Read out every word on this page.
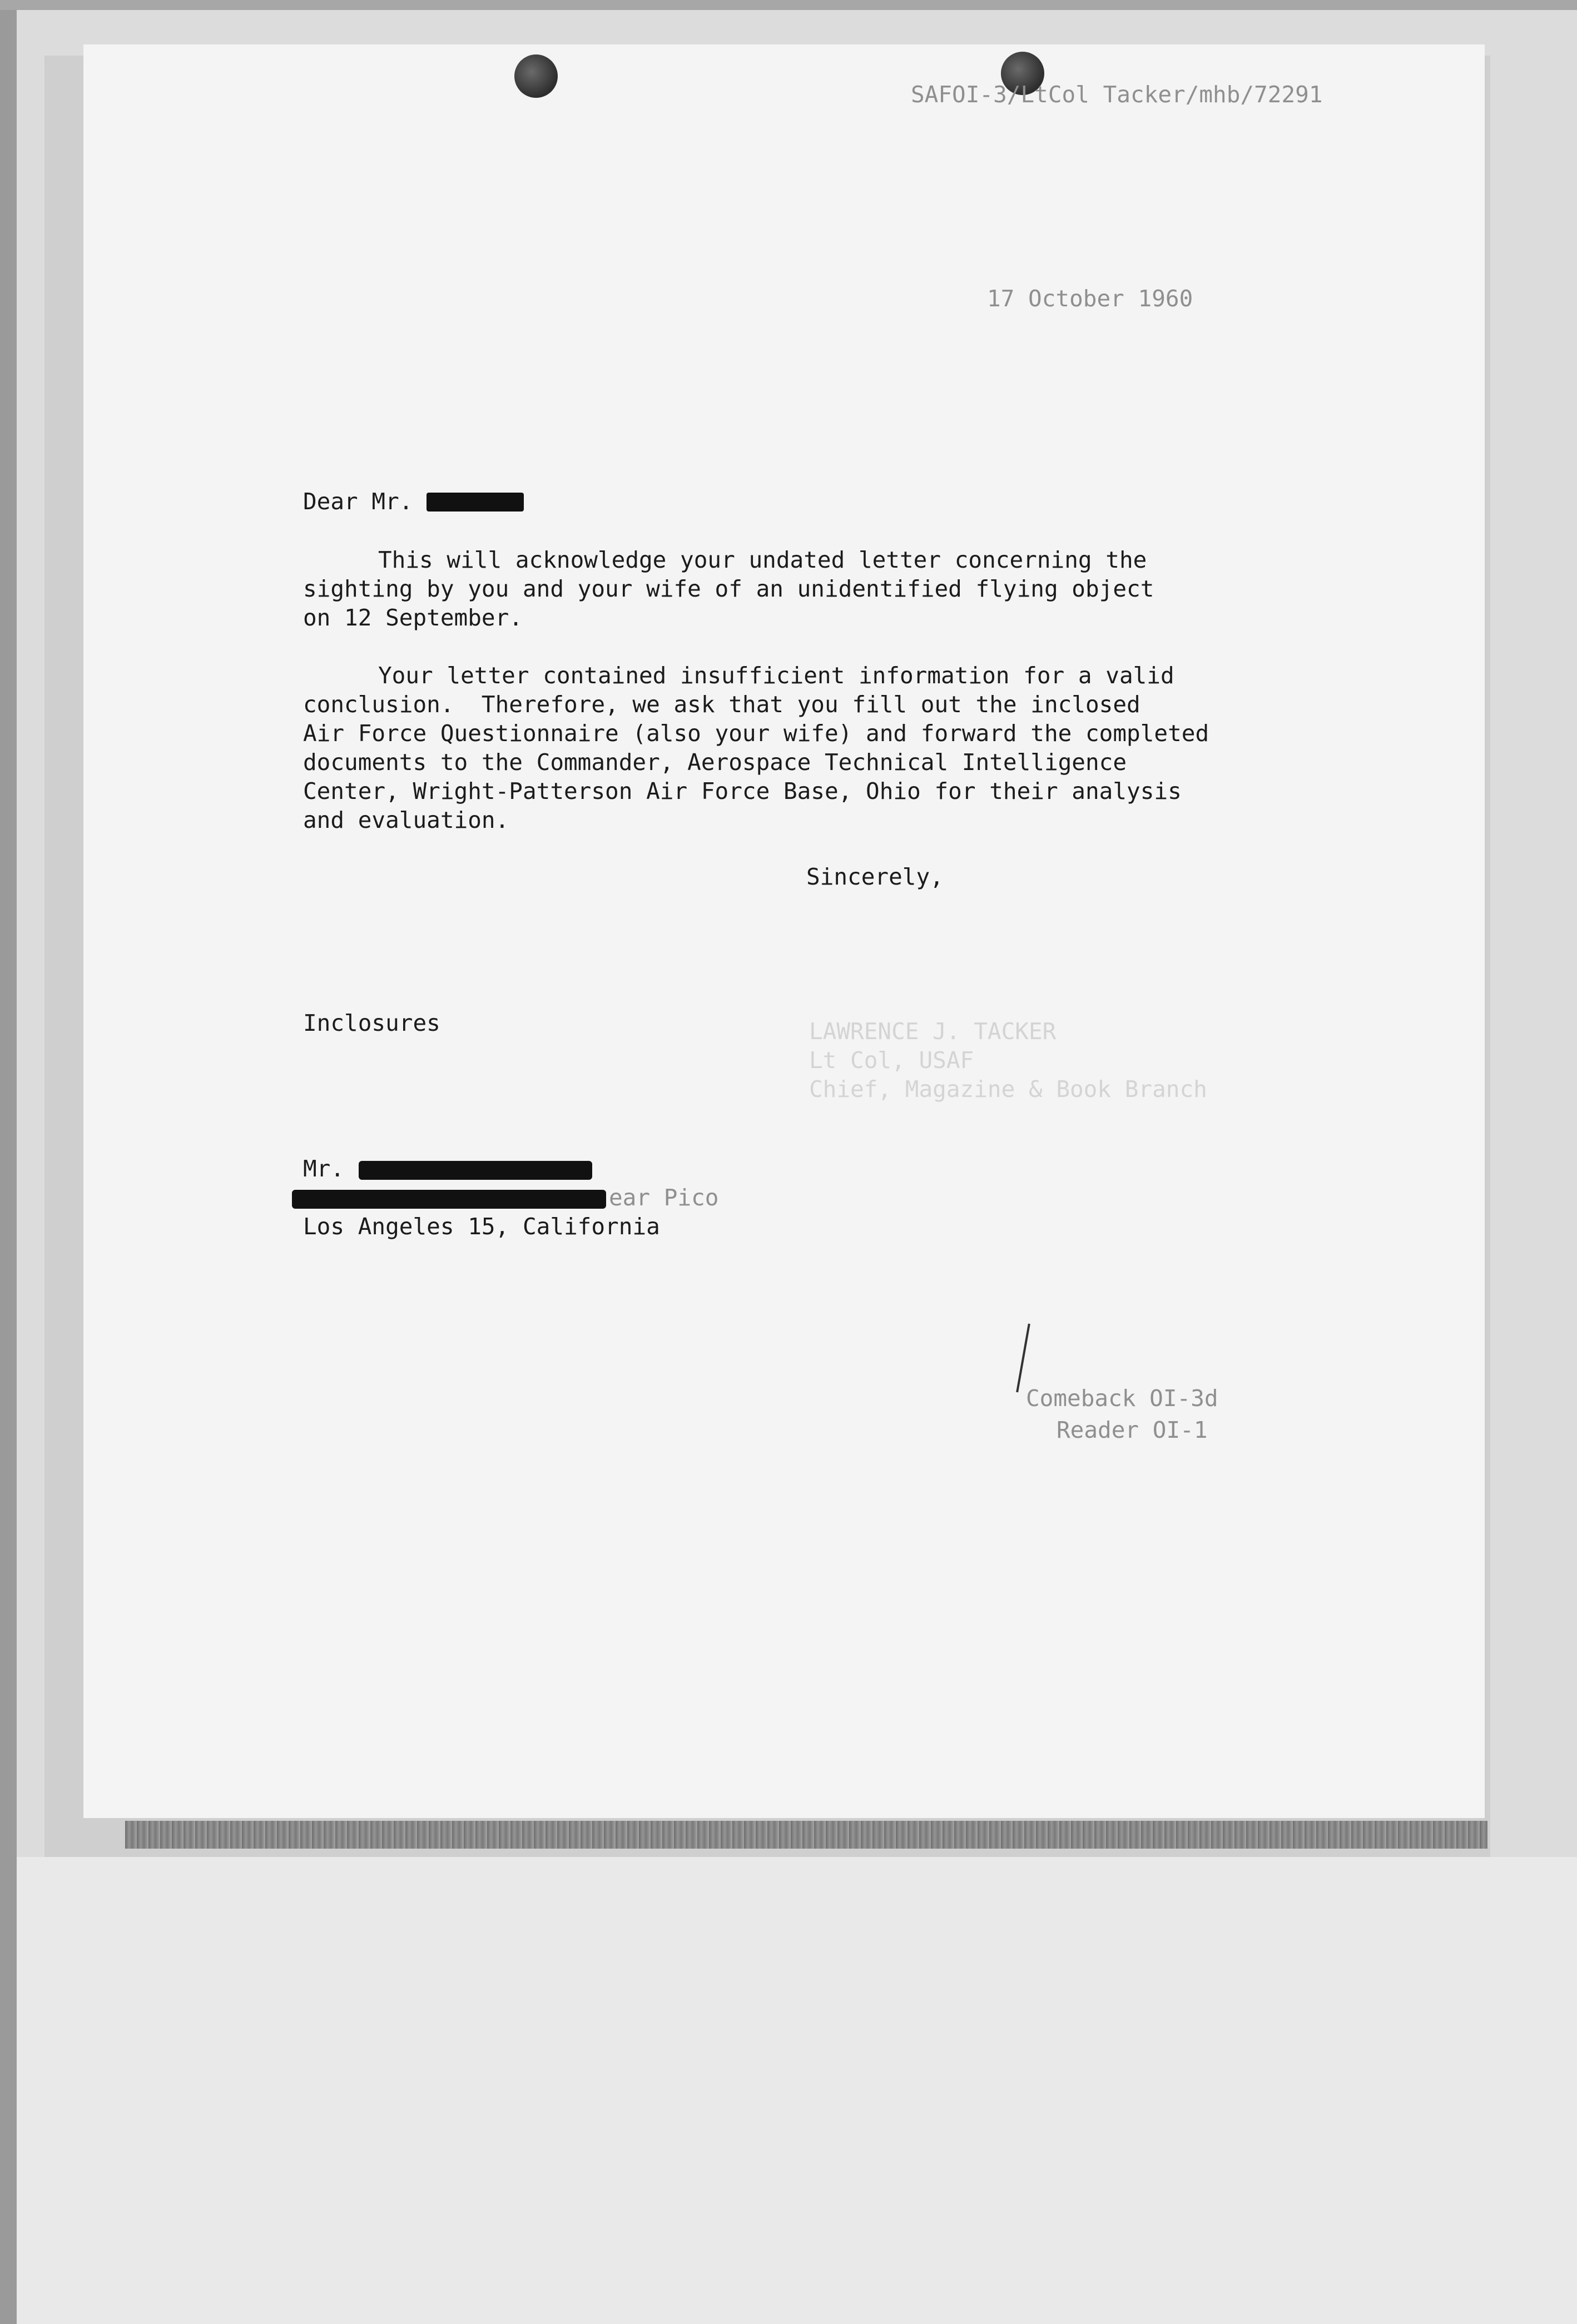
SAFOI-3/LtCol Tacker/mhb/72291

17 October 1960

Dear Mr.

This will acknowledge your undated letter concerning the

sighting by you and your wife of an unidentified flying object

on 12 September.

Your letter contained insufficient information for a valid

conclusion.  Therefore, we ask that you fill out the inclosed

Air Force Questionnaire (also your wife) and forward the completed

documents to the Commander, Aerospace Technical Intelligence

Center, Wright-Patterson Air Force Base, Ohio for their analysis

and evaluation.

Sincerely,

Inclosures	LAWRENCE J. TACKER

Lt Col, USAF

Chief, Magazine & Book Branch

Mr.

ear Pico

Los Angeles 15, California

Comeback OI-3d

Reader OI-1
